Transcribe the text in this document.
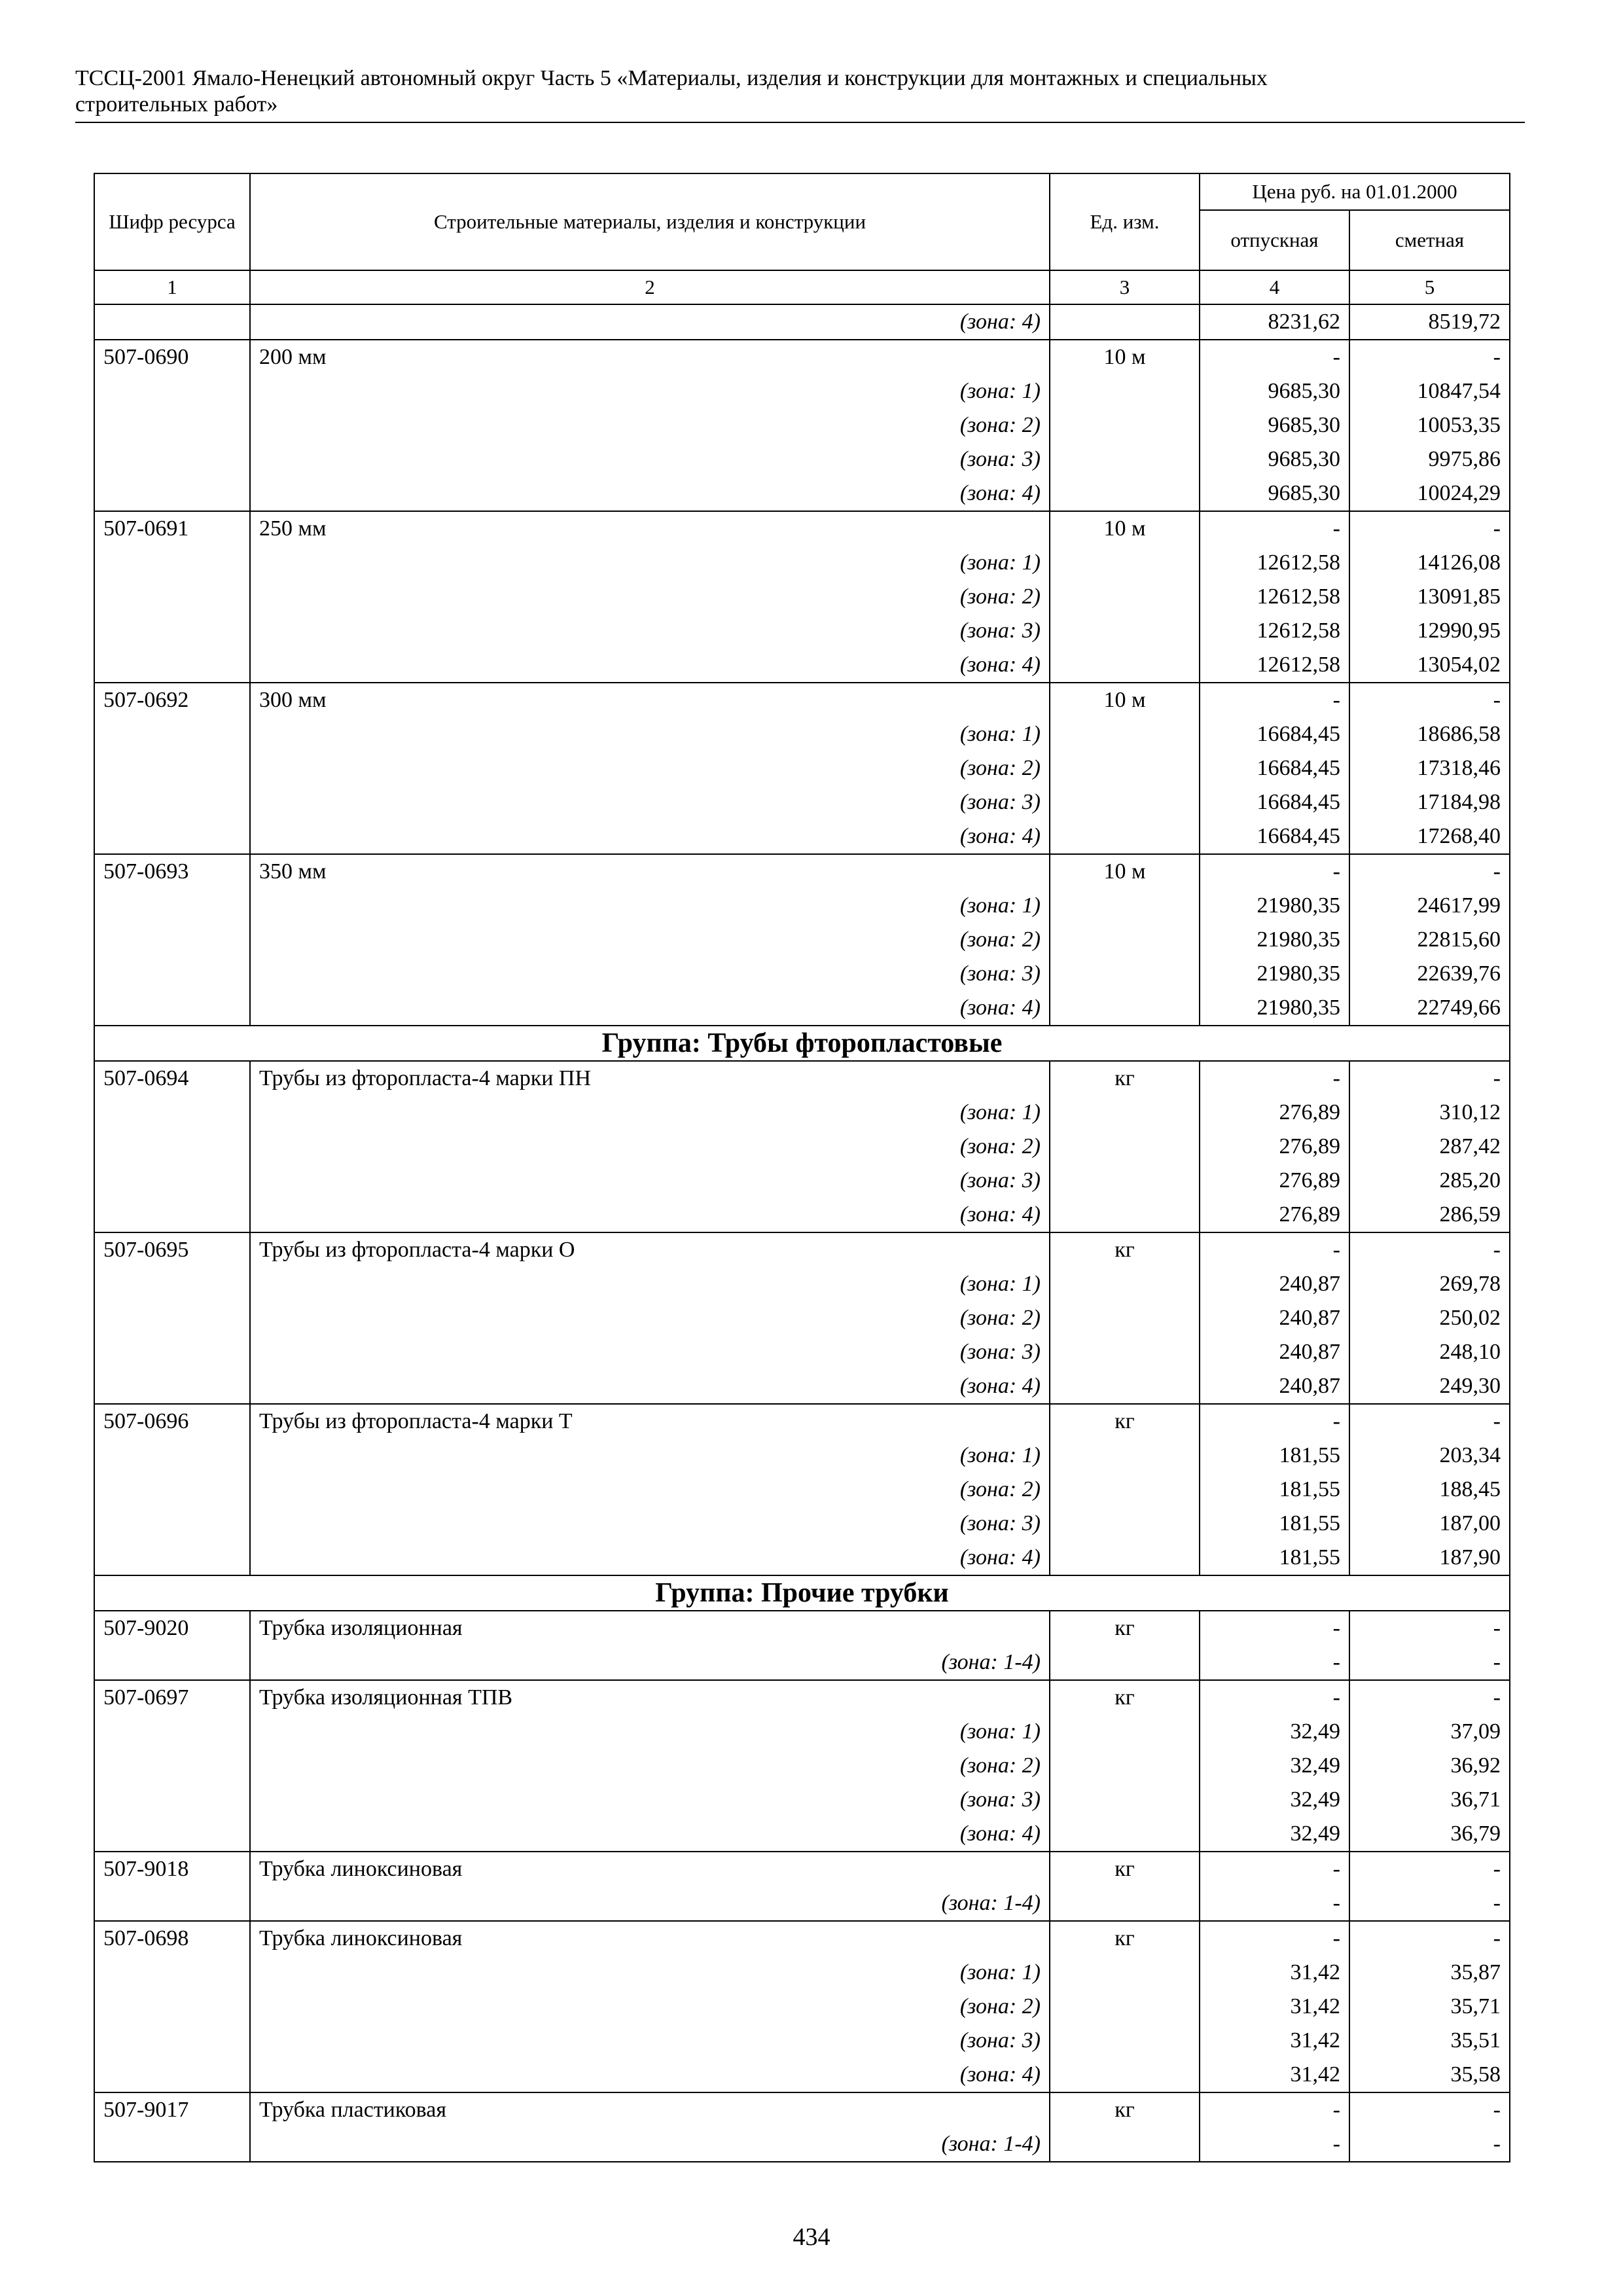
ТССЦ-2001 Ямало-Ненецкий автономный округ Часть 5 «Материалы, изделия и конструкции для монтажных и специальных
строительных работ»
Шифр ресурса	Строительные материалы, изделия и конструкции	Ед. изм.	Цена руб. на 01.01.2000	
			отпускная	сметная
1	2	3	4	5
	(зона: 4)		8231,62	8519,72
507-0690	200 мм	10 м	-	-
	(зона: 1)		9685,30	10847,54
	(зона: 2)		9685,30	10053,35
	(зона: 3)		9685,30	9975,86
	(зона: 4)		9685,30	10024,29
507-0691	250 мм	10 м	-	-
	(зона: 1)		12612,58	14126,08
	(зона: 2)		12612,58	13091,85
	(зона: 3)		12612,58	12990,95
	(зона: 4)		12612,58	13054,02
507-0692	300 мм	10 м	-	-
	(зона: 1)		16684,45	18686,58
	(зона: 2)		16684,45	17318,46
	(зона: 3)		16684,45	17184,98
	(зона: 4)		16684,45	17268,40
507-0693	350 мм	10 м	-	-
	(зона: 1)		21980,35	24617,99
	(зона: 2)		21980,35	22815,60
	(зона: 3)		21980,35	22639,76
	(зона: 4)		21980,35	22749,66
Группа: Трубы фторопластовые				
507-0694	Трубы из фторопласта-4 марки ПН	кг	-	-
	(зона: 1)		276,89	310,12
	(зона: 2)		276,89	287,42
	(зона: 3)		276,89	285,20
	(зона: 4)		276,89	286,59
507-0695	Трубы из фторопласта-4 марки О	кг	-	-
	(зона: 1)		240,87	269,78
	(зона: 2)		240,87	250,02
	(зона: 3)		240,87	248,10
	(зона: 4)		240,87	249,30
507-0696	Трубы из фторопласта-4 марки Т	кг	-	-
	(зона: 1)		181,55	203,34
	(зона: 2)		181,55	188,45
	(зона: 3)		181,55	187,00
	(зона: 4)		181,55	187,90
Группа: Прочие трубки				
507-9020	Трубка изоляционная	кг	-	-
	(зона: 1-4)		-	-
507-0697	Трубка изоляционная ТПВ	кг	-	-
	(зона: 1)		32,49	37,09
	(зона: 2)		32,49	36,92
	(зона: 3)		32,49	36,71
	(зона: 4)		32,49	36,79
507-9018	Трубка линоксиновая	кг	-	-
	(зона: 1-4)		-	-
507-0698	Трубка линоксиновая	кг	-	-
	(зона: 1)		31,42	35,87
	(зона: 2)		31,42	35,71
	(зона: 3)		31,42	35,51
	(зона: 4)		31,42	35,58
507-9017	Трубка пластиковая	кг	-	-
	(зона: 1-4)		-	-
434
